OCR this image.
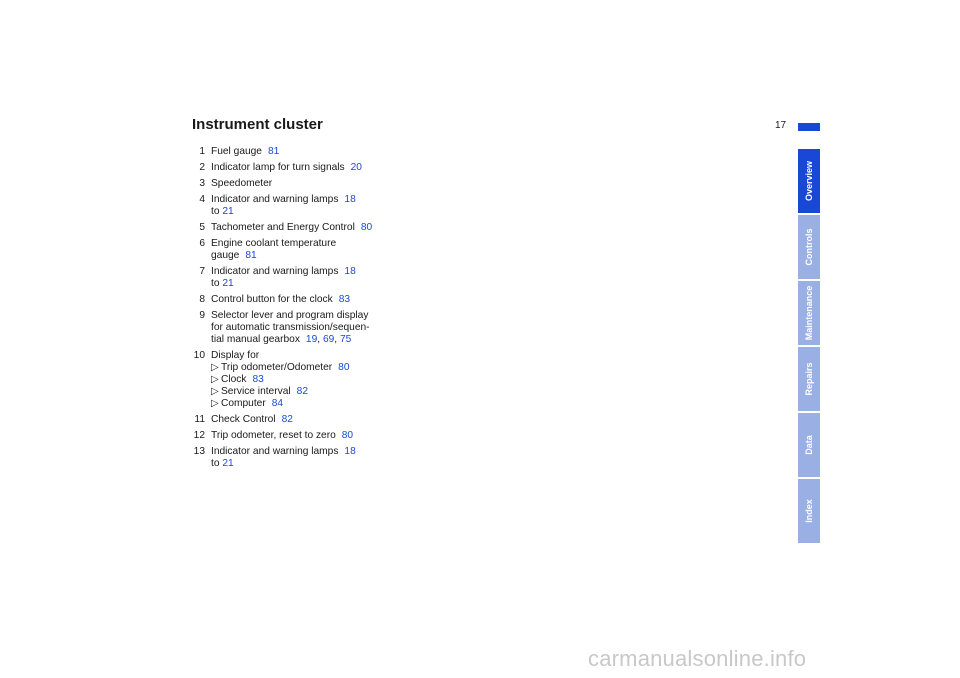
Instrument cluster	17
1 Fuel gauge 81
2 Indicator lamp for turn signals 20
3 Speedometer
4 Indicator and warning lamps 18
to 21
5 Tachometer and Energy Control 80
6 Engine coolant temperature
gauge 81
7 Indicator and warning lamps 18
to 21
8 Control button for the clock 83
9 Selector lever and program display
for automatic transmission/sequen-
tial manual gearbox 19, 69, 75
10 Display for
▷ Trip odometer/Odometer 80
▷ Clock 83
▷ Service interval 82
▷ Computer 84
11 Check Control 82
12 Trip odometer, reset to zero 80
13 Indicator and warning lamps 18
to 21
Overview
Controls
Maintenance
Repairs
Data
Index
carmanualsonline.info
